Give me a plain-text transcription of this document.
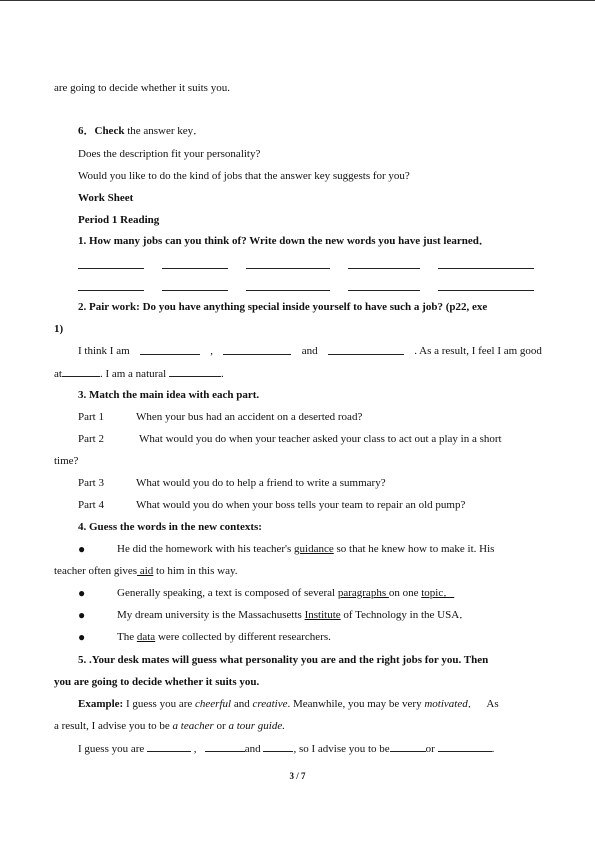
are going to decide whether it suits you.
6．Check the answer key．
Does the description fit your personality?
Would you like to do the kind of jobs that the answer key suggests for you?
Work Sheet
Period 1 Reading
1. How many jobs can you think of? Write down the new words you have just learned．
2. Pair work: Do you have anything special inside yourself to have such a job? (p22, exe
1)
I think I am	,	and	. As a result, I feel I am good
at	. I am a natural	.
3. Match the main idea with each part.
Part 1	When your bus had an accident on a deserted road?
Part 2	What would you do when your teacher asked your class to act out a play in a short
time?
Part 3	What would you do to help a friend to write a summary?
Part 4	What would you do when your boss tells your team to repair an old pump?
4. Guess the words in the new contexts:
●	He did the homework with his teacher's guidance so that he knew how to make it. His
teacher often gives aid to him in this way.
●	Generally speaking, a text is composed of several paragraphs on one topic．
●	My dream university is the Massachusetts Institute of Technology in the USA．
●	The data were collected by different researchers.
5. .Your desk mates will guess what personality you are and the right jobs for you. Then
you are going to decide whether it suits you.
Example: I guess you are cheerful and creative. Meanwhile, you may be very motivated．   As
a result, I advise you to be a teacher or a tour guide.
I guess you are	,	and	, so I advise you to be	or	.
3 / 7
